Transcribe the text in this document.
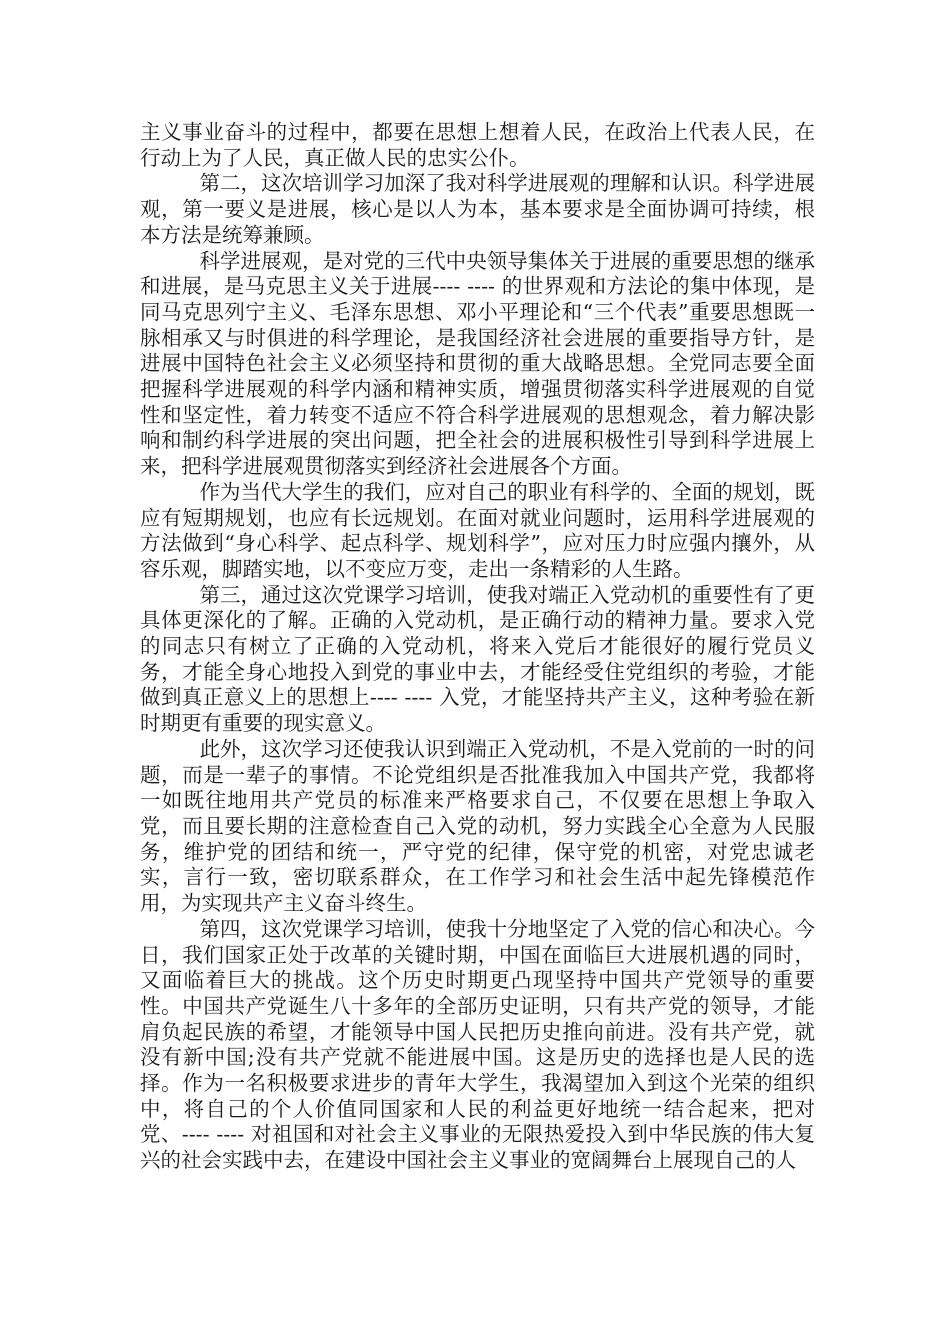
主义事业奋斗的过程中，都要在思想上想着人民，在政治上代表人民，在行动上为了人民，真正做人民的忠实公仆。

第二，这次培训学习加深了我对科学进展观的理解和认识。科学进展观，第一要义是进展，核心是以人为本，基本要求是全面协调可持续，根本方法是统筹兼顾。

科学进展观，是对党的三代中央领导集体关于进展的重要思想的继承和进展，是马克思主义关于进展---- ---- 的世界观和方法论的集中体现，是同马克思列宁主义、毛泽东思想、邓小平理论和“三个代表”重要思想既一脉相承又与时俱进的科学理论，是我国经济社会进展的重要指导方针，是进展中国特色社会主义必须坚持和贯彻的重大战略思想。全党同志要全面把握科学进展观的科学内涵和精神实质，增强贯彻落实科学进展观的自觉性和坚定性，着力转变不适应不符合科学进展观的思想观念，着力解决影响和制约科学进展的突出问题，把全社会的进展积极性引导到科学进展上来，把科学进展观贯彻落实到经济社会进展各个方面。

作为当代大学生的我们，应对自己的职业有科学的、全面的规划，既应有短期规划，也应有长远规划。在面对就业问题时，运用科学进展观的方法做到“身心科学、起点科学、规划科学”，应对压力时应强内攘外，从容乐观，脚踏实地，以不变应万变，走出一条精彩的人生路。

第三，通过这次党课学习培训，使我对端正入党动机的重要性有了更具体更深化的了解。正确的入党动机，是正确行动的精神力量。要求入党的同志只有树立了正确的入党动机，将来入党后才能很好的履行党员义务，才能全身心地投入到党的事业中去，才能经受住党组织的考验，才能做到真正意义上的思想上---- ---- 入党，才能坚持共产主义，这种考验在新时期更有重要的现实意义。

此外，这次学习还使我认识到端正入党动机，不是入党前的一时的问题，而是一辈子的事情。不论党组织是否批准我加入中国共产党，我都将一如既往地用共产党员的标准来严格要求自己，不仅要在思想上争取入党，而且要长期的注意检查自己入党的动机，努力实践全心全意为人民服务，维护党的团结和统一，严守党的纪律，保守党的机密，对党忠诚老实，言行一致，密切联系群众，在工作学习和社会生活中起先锋模范作用，为实现共产主义奋斗终生。

第四，这次党课学习培训，使我十分地坚定了入党的信心和决心。今日，我们国家正处于改革的关键时期，中国在面临巨大进展机遇的同时，又面临着巨大的挑战。这个历史时期更凸现坚持中国共产党领导的重要性。中国共产党诞生八十多年的全部历史证明，只有共产党的领导，才能肩负起民族的希望，才能领导中国人民把历史推向前进。没有共产党，就没有新中国;没有共产党就不能进展中国。这是历史的选择也是人民的选择。作为一名积极要求进步的青年大学生，我渴望加入到这个光荣的组织中，将自己的个人价值同国家和人民的利益更好地统一结合起来，把对党、---- ---- 对祖国和对社会主义事业的无限热爱投入到中华民族的伟大复兴的社会实践中去，在建设中国社会主义事业的宽阔舞台上展现自己的人
